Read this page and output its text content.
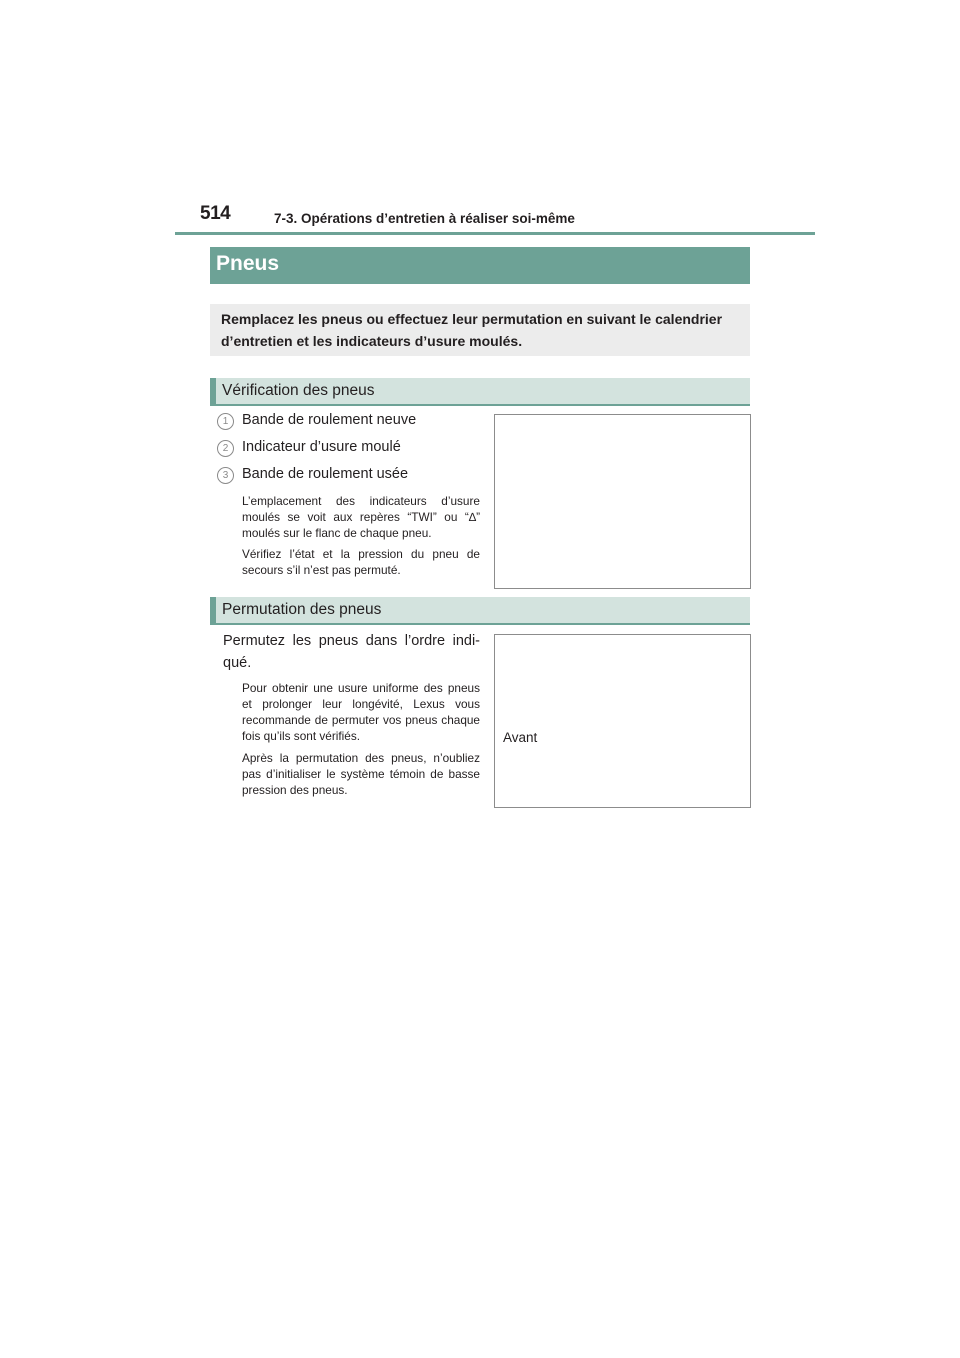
514	7-3. Opérations d’entretien à réaliser soi-même
Pneus
Remplacez les pneus ou effectuez leur permutation en suivant le calendrier d’entretien et les indicateurs d’usure moulés.
Vérification des pneus
1 Bande de roulement neuve
2 Indicateur d’usure moulé
3 Bande de roulement usée
L’emplacement des indicateurs d’usure moulés se voit aux repères “TWI” ou “∆” moulés sur le flanc de chaque pneu.
Vérifiez l’état et la pression du pneu de secours s’il n’est pas permuté.
Permutation des pneus
Permutez les pneus dans l’ordre indi- qué.
Pour obtenir une usure uniforme des pneus et prolonger leur longévité, Lexus vous recommande de permuter vos pneus chaque fois qu’ils sont vérifiés.
Après la permutation des pneus, n’oubliez pas d’initialiser le système témoin de basse pression des pneus.
Avant
